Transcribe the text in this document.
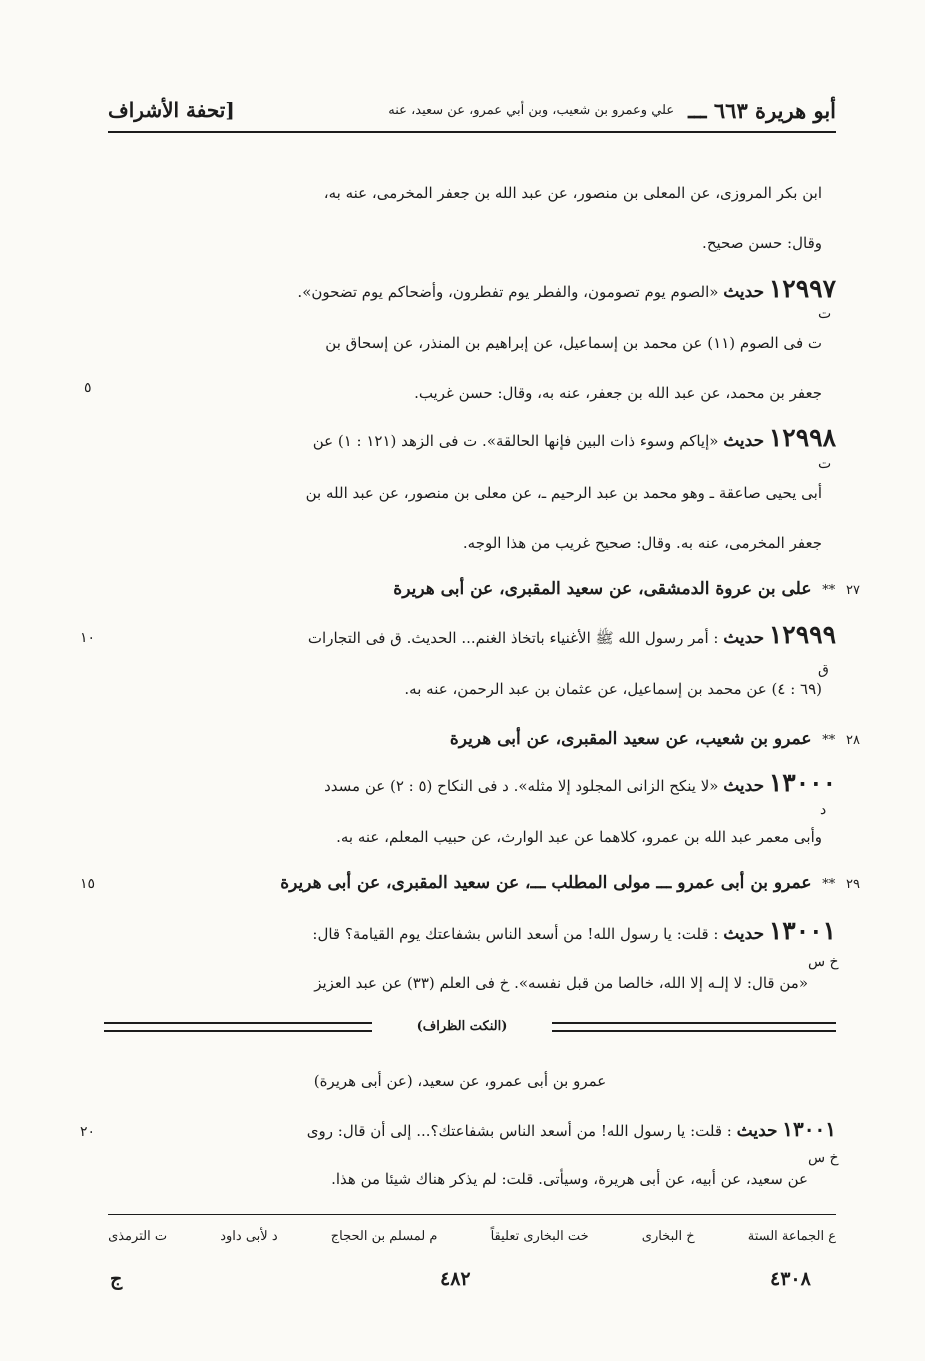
أبو هريرة ٦٦٣ ـــ
علي وعمرو بن شعيب، وبن أبي عمرو، عن سعيد، عنه
[تحفة الأشراف
ابن بكر المروزى، عن المعلى بن منصور، عن عبد الله بن جعفر المخرمى، عنه به،
وقال: حسن صحيح.
١٢٩٩٧ حديث «الصوم يوم تصومون، والفطر يوم تفطرون، وأضحاكم يوم تضحون».
ت
ت فى الصوم (١١) عن محمد بن إسماعيل، عن إبراهيم بن المنذر، عن إسحاق بن
جعفر بن محمد، عن عبد الله بن جعفر، عنه به، وقال: حسن غريب.
٥
١٢٩٩٨ حديث «إياكم وسوء ذات البين فإنها الحالقة». ت فى الزهد (١٢١ : ١) عن
ت
أبى يحيى صاعقة ـ وهو محمد بن عبد الرحيم ـ، عن معلى بن منصور، عن عبد الله بن
جعفر المخرمى، عنه به. وقال: صحيح غريب من هذا الوجه.
٢٧ ** على بن عروة الدمشقى، عن سعيد المقبرى، عن أبى هريرة
١٢٩٩٩ حديث : أمر رسول الله ﷺ الأغنياء باتخاذ الغنم... الحديث. ق فى التجارات
١٠
ق
(٦٩ : ٤) عن محمد بن إسماعيل، عن عثمان بن عبد الرحمن، عنه به.
٢٨ ** عمرو بن شعيب، عن سعيد المقبرى، عن أبى هريرة
١٣٠٠٠ حديث «لا ينكح الزانى المجلود إلا مثله». د فى النكاح (٥ : ٢) عن مسدد
د
وأبى معمر عبد الله بن عمرو، كلاهما عن عبد الوارث، عن حبيب المعلم، عنه به.
٢٩ ** عمرو بن أبى عمرو ـــ مولى المطلب ـــ، عن سعيد المقبرى، عن أبى هريرة
١٥
١٣٠٠١ حديث : قلت: يا رسول الله! من أسعد الناس بشفاعتك يوم القيامة؟ قال:
خ س
«من قال: لا إلـه إلا الله، خالصا من قبل نفسه». خ فى العلم (٣٣) عن عبد العزيز
(النكت الظراف)
عمرو بن أبى عمرو، عن سعيد، (عن أبى هريرة)
١٣٠٠١ حديث : قلت: يا رسول الله! من أسعد الناس بشفاعتك؟... إلى أن قال: روى
٢٠
خ س
عن سعيد، عن أبيه، عن أبى هريرة، وسيأتى. قلت: لم يذكر هناك شيئا من هذا.
ع الجماعة الستة
خ البخارى
خت البخارى تعليقاً
م لمسلم بن الحجاج
د لأبى داود
ت الترمذى
٤٣٠٨
٤٨٢
ج
